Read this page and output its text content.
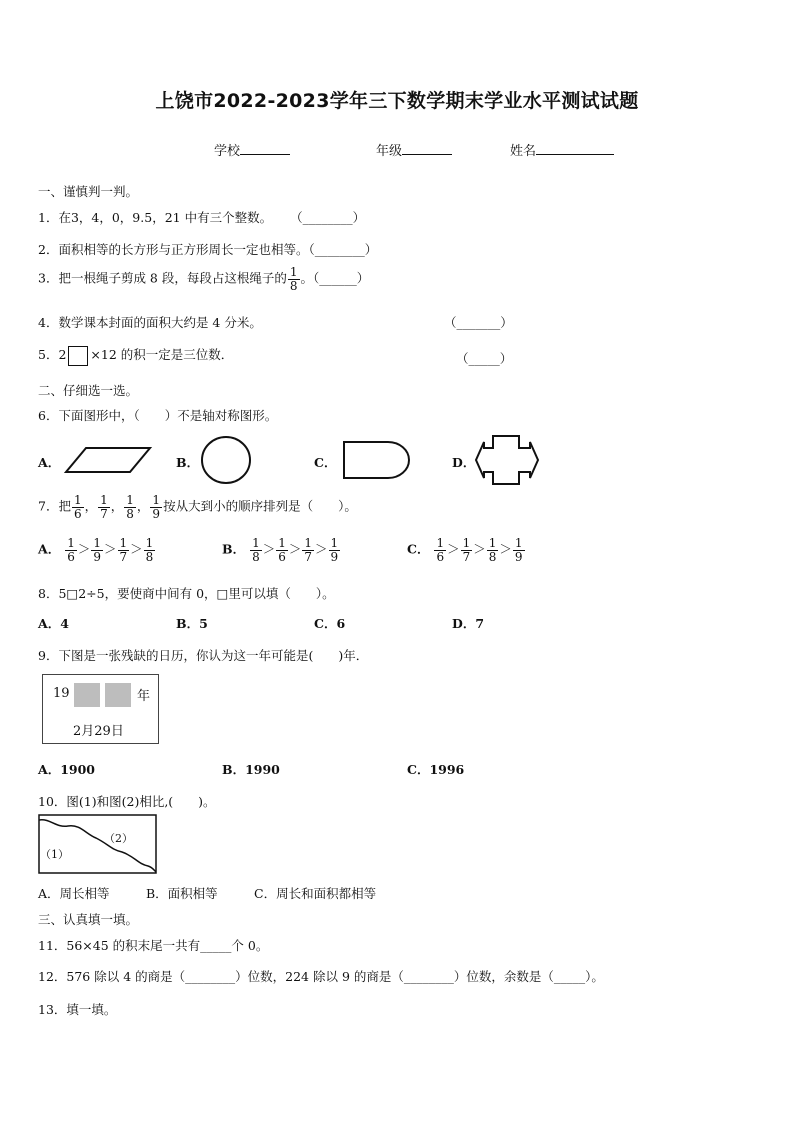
上饶市2022-2023学年三下数学期末学业水平测试试题
学校	年级	姓名
一、谨慎判一判。
1．在3，4，0，9.5，21 中有三个整数。 （________）
2．面积相等的长方形与正方形周长一定也相等。（________）
3．把一根绳子剪成 8 段，每段占这根绳子的 $\frac{1}{8}$ 。（______）
4．数学课本封面的面积大约是 4 分米。	（_______）
5．2 ×12 的积一定是三位数．	（_____）
二、仔细选一选。
6．下面图形中，（　　）不是轴对称图形。
A．	B．	C．	D．
7．把 $\frac{1}{6}$ ， $\frac{1}{7}$ ， $\frac{1}{8}$ ， $\frac{1}{9}$ 按从大到小的顺序排列是（　　）。
A． $\frac{1}{6} > \frac{1}{9} > \frac{1}{7} > \frac{1}{8}$	B． $\frac{1}{8} > \frac{1}{6} > \frac{1}{7} > \frac{1}{9}$	C． $\frac{1}{6} > \frac{1}{7} > \frac{1}{8} > \frac{1}{9}$
8．5□2÷5，要使商中间有 0，□里可以填（　　）。
A．4	B．5	C．6	D．7
9．下图是一张残缺的日历，你认为这一年可能是(　　)年．
19	年
2月29日
A．1900	B．1990	C．1996
10．图(1)和图(2)相比,(　　)。
（2）
（1）
A．周长相等	B．面积相等	C．周长和面积都相等
三、认真填一填。
11．56×45 的积末尾一共有_____个 0。
12．576 除以 4 的商是（________）位数，224 除以 9 的商是（________）位数，余数是（_____）。
13．填一填。
